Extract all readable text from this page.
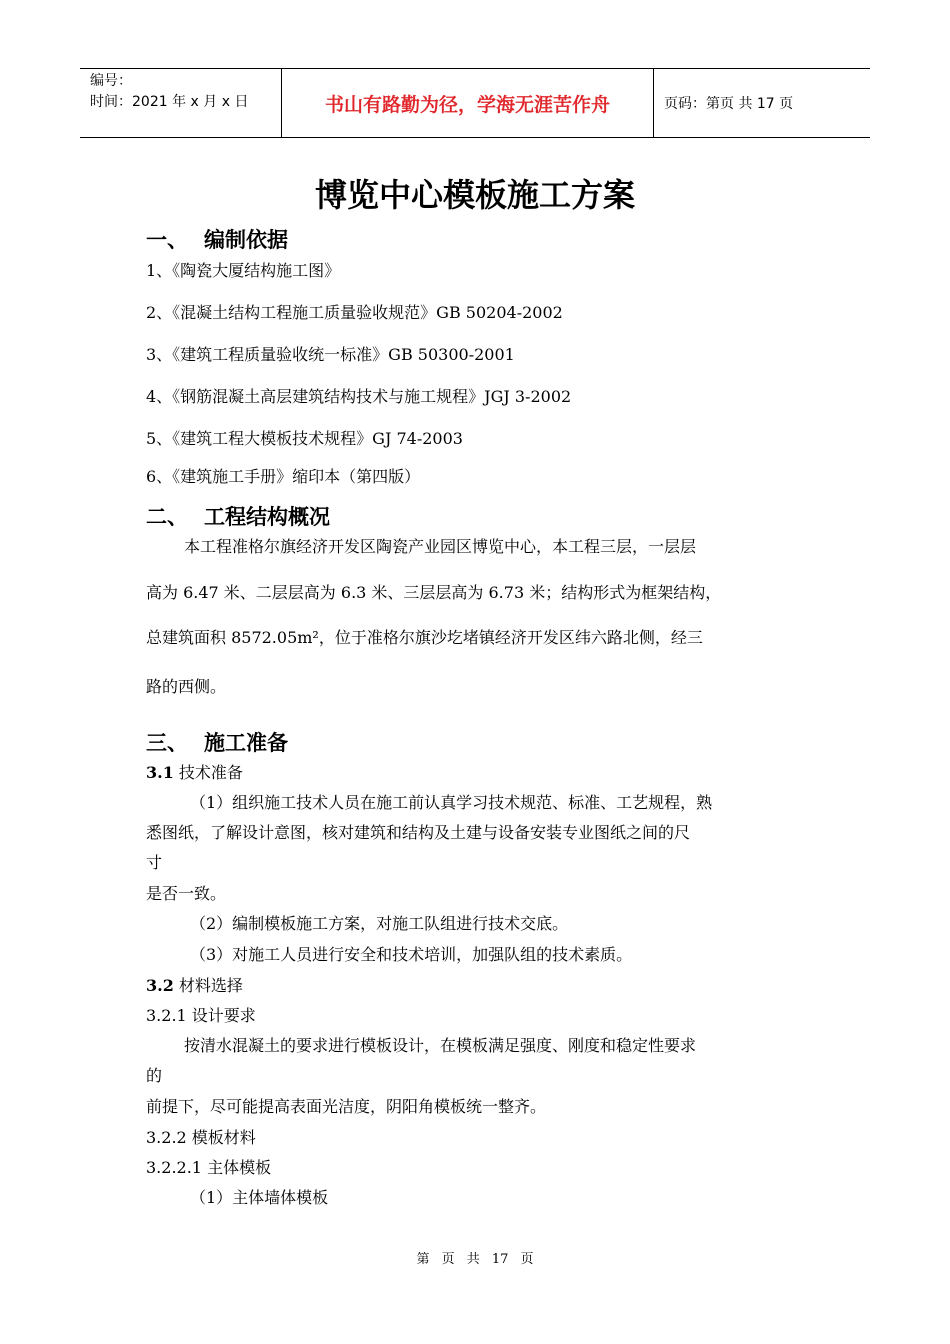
编号：
时间：2021 年 x 月 x 日	书山有路勤为径，学海无涯苦作舟	页码：第页 共 17 页
博览中心模板施工方案
一、 编制依据
1、《陶瓷大厦结构施工图》
2、《混凝土结构工程施工质量验收规范》GB 50204-2002
3、《建筑工程质量验收统一标准》GB 50300-2001
4、《钢筋混凝土高层建筑结构技术与施工规程》JGJ 3-2002
5、《建筑工程大模板技术规程》GJ 74-2003
6、《建筑施工手册》缩印本（第四版）
二、 工程结构概况
本工程准格尔旗经济开发区陶瓷产业园区博览中心，本工程三层，一层层
高为 6.47 米、二层层高为 6.3 米、三层层高为 6.73 米；结构形式为框架结构，
总建筑面积 8572.05m²，位于准格尔旗沙圪堵镇经济开发区纬六路北侧，经三
路的西侧。
三、 施工准备
3.1 技术准备
（1）组织施工技术人员在施工前认真学习技术规范、标准、工艺规程，熟
悉图纸，了解设计意图，核对建筑和结构及土建与设备安装专业图纸之间的尺
寸
是否一致。
（2）编制模板施工方案，对施工队组进行技术交底。
（3）对施工人员进行安全和技术培训，加强队组的技术素质。
3.2 材料选择
3.2.1 设计要求
按清水混凝土的要求进行模板设计，在模板满足强度、刚度和稳定性要求
的
前提下，尽可能提高表面光洁度，阴阳角模板统一整齐。
3.2.2 模板材料
3.2.2.1 主体模板
（1）主体墙体模板
第 页 共 17 页
